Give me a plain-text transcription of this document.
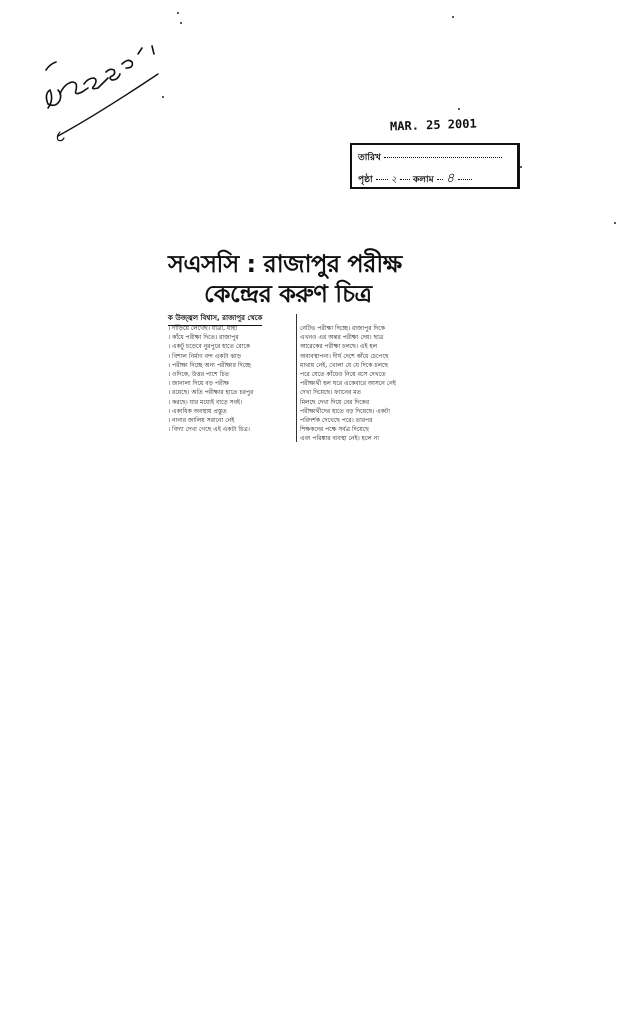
MAR. 25 2001
তারিখ
পৃষ্ঠা ২ কলাম ৪
সএসসি : রাজাপুর পরীক্ষ
কেন্দ্রের করুণ চিত্র
ক উজ্জ্বল বিশ্বাস, রাজাপুর থেকে
। দাঁড়িয়ে লেখেছ। যাত্রা, যাহা
। কাঁধে পরীক্ষা দিতে। রাজাপুর
। একটু চড়েবে নুরপুরে হাতে রোকে
। বিশাল নির্মাণ বন্দ একটা ঝাড়
। পরীক্ষা দিচ্ছে অন্য পরীক্ষার দিচ্ছে
। ওদিকে, উত্তর পাশে চিত
। জানালা দিয়ে বড় পরীক্ষ
। রয়েছে। অতি পরীক্ষার হাতে চরপুর
। করছে। যার মধ্যেই বাড়ে সবই।
। একাধিক অবস্থায় প্রস্তুত
। নানার জালিয় সরানো নেই
। বিদ্যা দেখা গেছে এই একটা চিত্র।
নেটিভ পরীক্ষা দিচ্ছে। রাজাপুর দিকে
এখনও এর অন্তর পরীক্ষা দেয়। ছাত্র
আরেকের পরীক্ষা চলছে। এই হল
অব্যবস্থাপনা। দীর্ঘ দেশে কাঁধে চেপেছে
মাথায় নেই, খোলা যে যে দিকে চলছে
পরে যেতে কাঁধেও নিয়ে বসে দেখতে
পরীক্ষার্থী হল ঘরে একেবারে আসনে নেই
দেখা দিয়েছে। ফ্যানের মত
মিলছে দেখা দিয়ে বের দিকের
পরীক্ষার্থীদের হাতে বড় দিয়েছে। একটা
পরিদর্শক দেখেছে পরে। তারপর
শিক্ষকদের পক্ষে সর্বত্র দিয়েছে
এবং পরিষ্কার ব্যবস্থা নেই। হলে না
